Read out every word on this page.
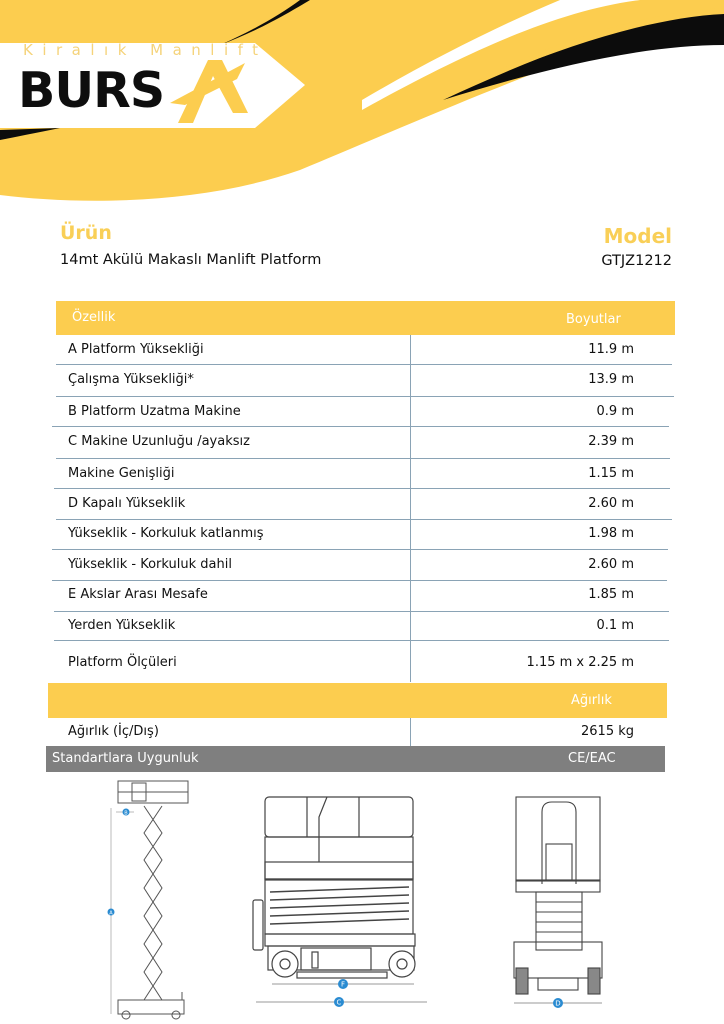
Kiralık Manlift
BURS
Ürün
14mt Akülü Makaslı Manlift Platform
Model
GTJZ1212
Özellik	Boyutlar
A Platform Yüksekliği	11.9 m
Çalışma Yüksekliği*	13.9 m
B Platform Uzatma Makine	0.9 m
C Makine Uzunluğu /ayaksız	2.39 m
Makine Genişliği	1.15 m
D Kapalı Yükseklik	2.60 m
Yükseklik - Korkuluk katlanmış	1.98 m
Yükseklik - Korkuluk dahil	2.60 m
E Akslar Arası Mesafe	1.85 m
Yerden Yükseklik	0.1 m
Platform Ölçüleri	1.15 m x 2.25 m
Ağırlık
Ağırlık (İç/Dış)	2615 kg
Standartlara Uygunluk	CE/EAC
B
A
F
C	D
